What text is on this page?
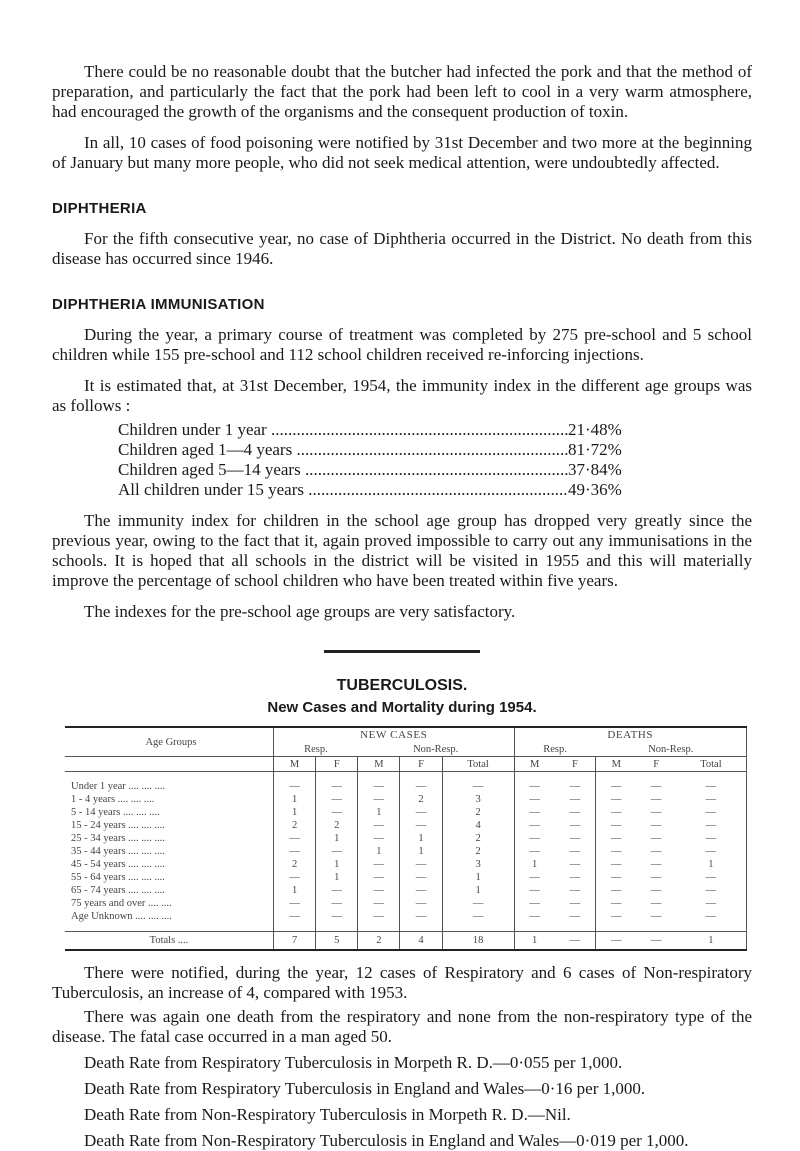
There could be no reasonable doubt that the butcher had infected the pork and that the method of preparation, and particularly the fact that the pork had been left to cool in a very warm atmosphere, had encouraged the growth of the organisms and the consequent production of toxin.

In all, 10 cases of food poisoning were notified by 31st December and two more at the beginning of January but many more people, who did not seek medical attention, were undoubtedly affected.

DIPHTHERIA

For the fifth consecutive year, no case of Diphtheria occurred in the District. No death from this disease has occurred since 1946.

DIPHTHERIA IMMUNISATION

During the year, a primary course of treatment was completed by 275 pre-school and 5 school children while 155 pre-school and 112 school children received re-inforcing injections.

It is estimated that, at 31st December, 1954, the immunity index in the different age groups was as follows :

Children under 1 year .....	21·48%
Children aged 1—4 years .....	81·72%
Children aged 5—14 years .....	37·84%
All children under 15 years .....	49·36%

The immunity index for children in the school age group has dropped very greatly since the previous year, owing to the fact that it, again proved impossible to carry out any immunisations in the schools. It is hoped that all schools in the district will be visited in 1955 and this will materially improve the percentage of school children who have been treated within five years.

The indexes for the pre-school age groups are very satisfactory.

TUBERCULOSIS.
New Cases and Mortality during 1954.
Age Groups	NEW CASES					DEATHS				
	Resp.		Non-Resp.			Resp.		Non-Resp.		
	M	F	M	F	Total	M	F	M	F	Total

Under 1 year .... .... ....	—	—	—	—	—	—	—	—	—	—
1 - 4 years .... .... ....	1	—	—	2	3	—	—	—	—	—
5 - 14 years .... .... ....	1	—	1	—	2	—	—	—	—	—
15 - 24 years .... .... ....	2	2	—	—	4	—	—	—	—	—
25 - 34 years .... .... ....	—	1	—	1	2	—	—	—	—	—
35 - 44 years .... .... ....	—	—	1	1	2	—	—	—	—	—
45 - 54 years .... .... ....	2	1	—	—	3	1	—	—	—	1
55 - 64 years .... .... ....	—	1	—	—	1	—	—	—	—	—
65 - 74 years .... .... ....	1	—	—	—	1	—	—	—	—	—
75 years and over .... ....	—	—	—	—	—	—	—	—	—	—
Age Unknown .... .... ....	—	—	—	—	—	—	—	—	—	—

Totals ....	7	5	2	4	18	1	—	—	—	1

There were notified, during the year, 12 cases of Respiratory and 6 cases of Non-respiratory Tuberculosis, an increase of 4, compared with 1953.

There was again one death from the respiratory and none from the non-respiratory type of the disease. The fatal case occurred in a man aged 50.

Death Rate from Respiratory Tuberculosis in Morpeth R. D.—0·055 per 1,000.

Death Rate from Respiratory Tuberculosis in England and Wales—0·16 per 1,000.

Death Rate from Non-Respiratory Tuberculosis in Morpeth R. D.—Nil.

Death Rate from Non-Respiratory Tuberculosis in England and Wales—0·019 per 1,000.
